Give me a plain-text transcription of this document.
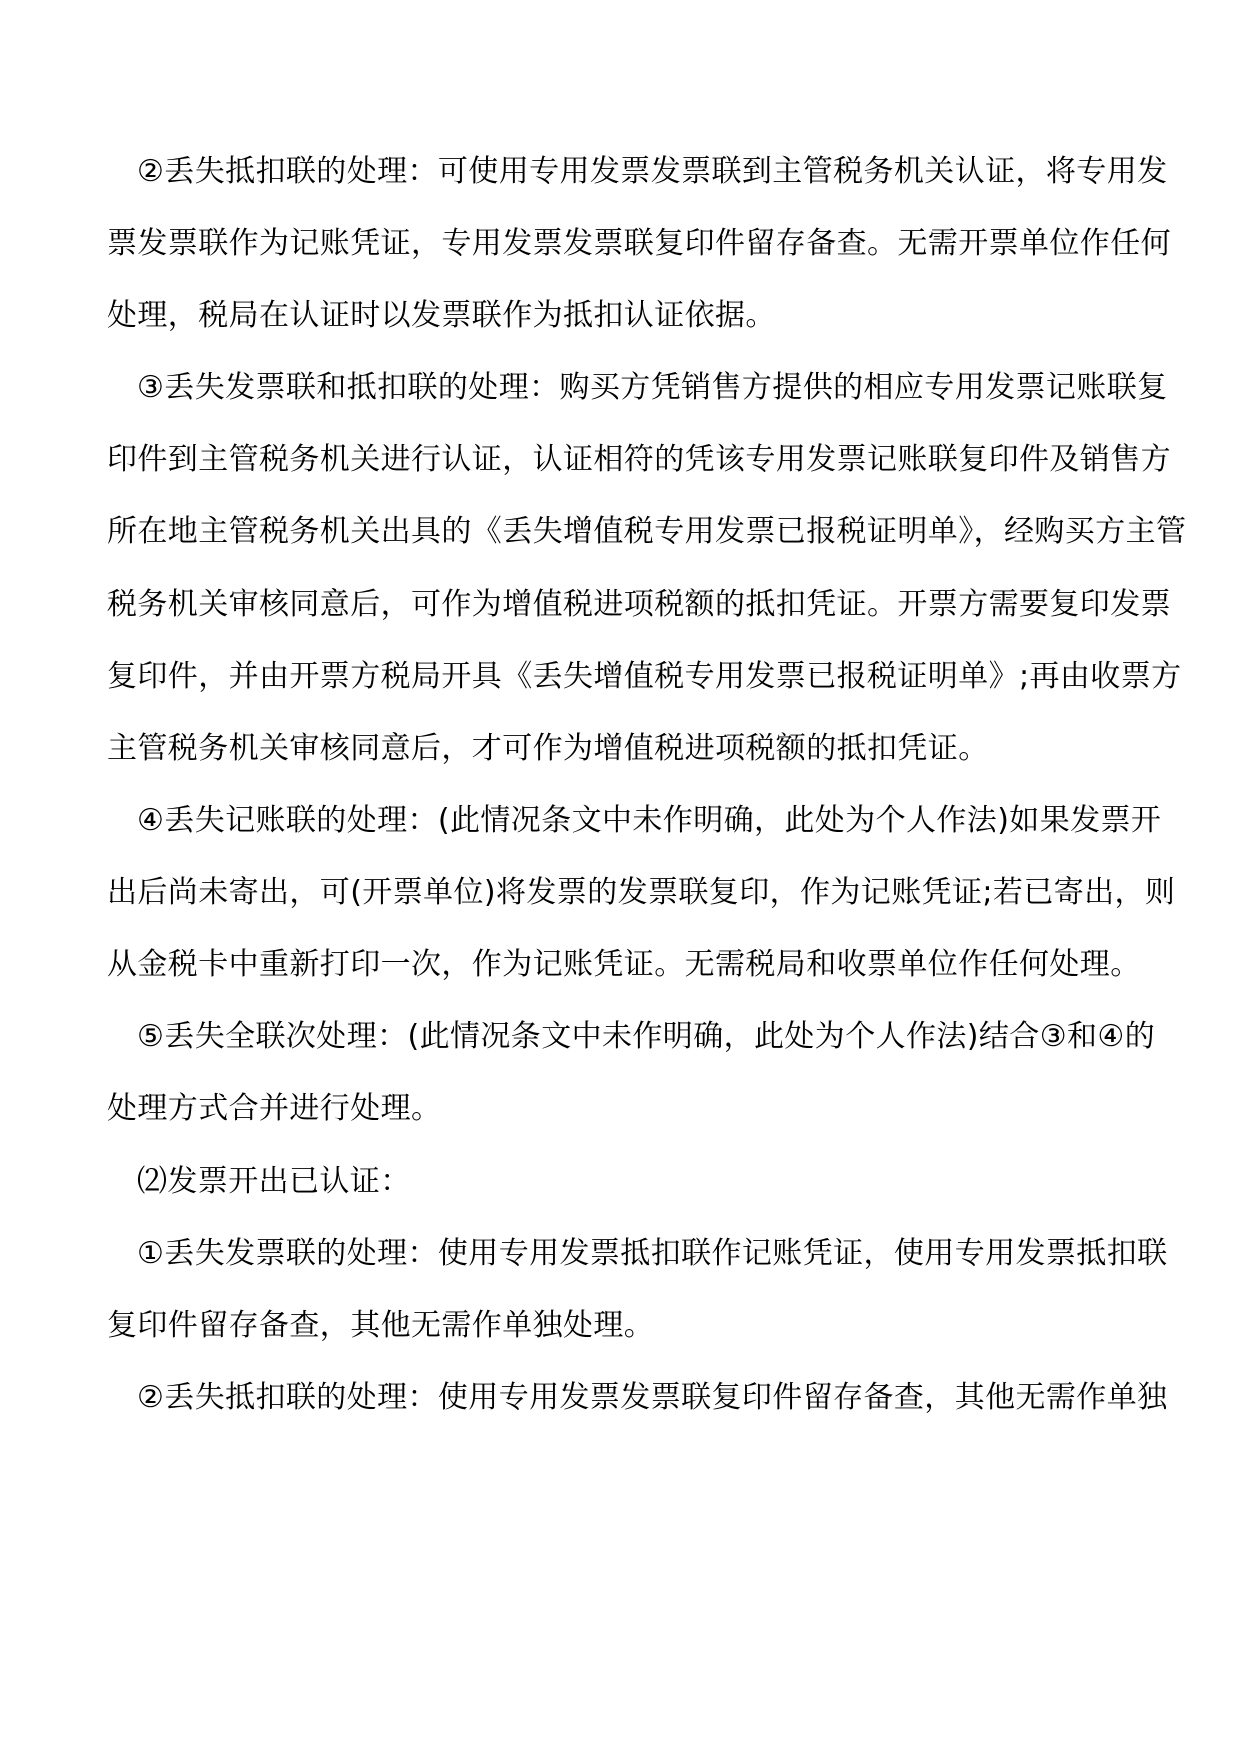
②丢失抵扣联的处理：可使用专用发票发票联到主管税务机关认证，将专用发
票发票联作为记账凭证，专用发票发票联复印件留存备查。无需开票单位作任何
处理，税局在认证时以发票联作为抵扣认证依据。
③丢失发票联和抵扣联的处理：购买方凭销售方提供的相应专用发票记账联复
印件到主管税务机关进行认证，认证相符的凭该专用发票记账联复印件及销售方
所在地主管税务机关出具的《丢失增值税专用发票已报税证明单》，经购买方主管
税务机关审核同意后，可作为增值税进项税额的抵扣凭证。开票方需要复印发票
复印件，并由开票方税局开具《丢失增值税专用发票已报税证明单》;再由收票方
主管税务机关审核同意后，才可作为增值税进项税额的抵扣凭证。
④丢失记账联的处理：(此情况条文中未作明确，此处为个人作法)如果发票开
出后尚未寄出，可(开票单位)将发票的发票联复印，作为记账凭证;若已寄出，则
从金税卡中重新打印一次，作为记账凭证。无需税局和收票单位作任何处理。
⑤丢失全联次处理：(此情况条文中未作明确，此处为个人作法)结合③和④的
处理方式合并进行处理。
⑵发票开出已认证：
①丢失发票联的处理：使用专用发票抵扣联作记账凭证，使用专用发票抵扣联
复印件留存备查，其他无需作单独处理。
②丢失抵扣联的处理：使用专用发票发票联复印件留存备查，其他无需作单独
